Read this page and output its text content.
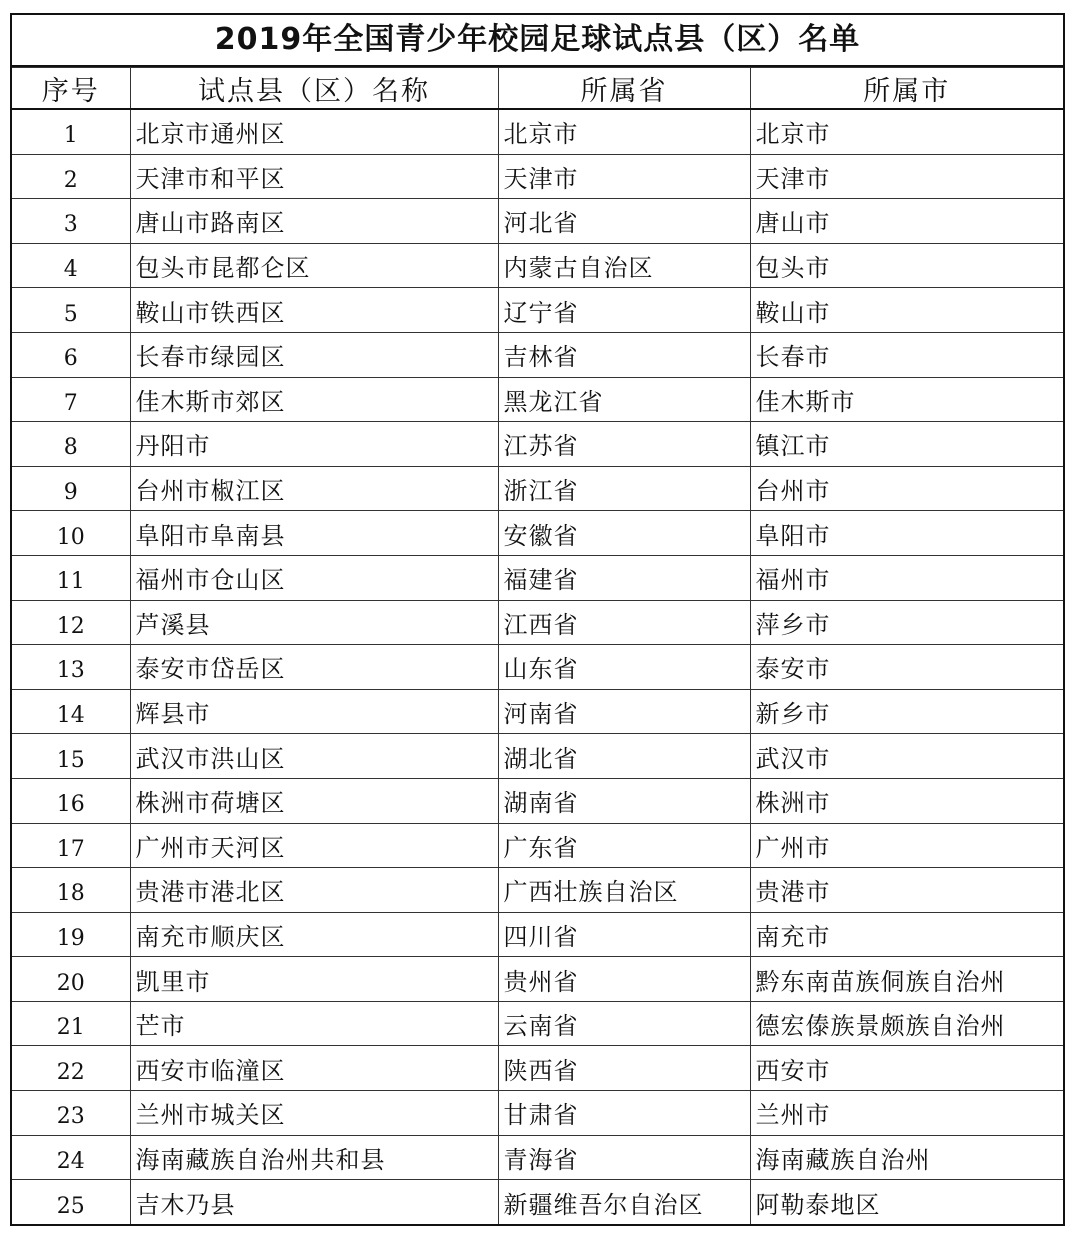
2019年全国青少年校园足球试点县（区）名单
序号	试点县（区）名称	所属省	所属市
1	北京市通州区	北京市	北京市
2	天津市和平区	天津市	天津市
3	唐山市路南区	河北省	唐山市
4	包头市昆都仑区	内蒙古自治区	包头市
5	鞍山市铁西区	辽宁省	鞍山市
6	长春市绿园区	吉林省	长春市
7	佳木斯市郊区	黑龙江省	佳木斯市
8	丹阳市	江苏省	镇江市
9	台州市椒江区	浙江省	台州市
10	阜阳市阜南县	安徽省	阜阳市
11	福州市仓山区	福建省	福州市
12	芦溪县	江西省	萍乡市
13	泰安市岱岳区	山东省	泰安市
14	辉县市	河南省	新乡市
15	武汉市洪山区	湖北省	武汉市
16	株洲市荷塘区	湖南省	株洲市
17	广州市天河区	广东省	广州市
18	贵港市港北区	广西壮族自治区	贵港市
19	南充市顺庆区	四川省	南充市
20	凯里市	贵州省	黔东南苗族侗族自治州
21	芒市	云南省	德宏傣族景颇族自治州
22	西安市临潼区	陕西省	西安市
23	兰州市城关区	甘肃省	兰州市
24	海南藏族自治州共和县	青海省	海南藏族自治州
25	吉木乃县	新疆维吾尔自治区	阿勒泰地区
